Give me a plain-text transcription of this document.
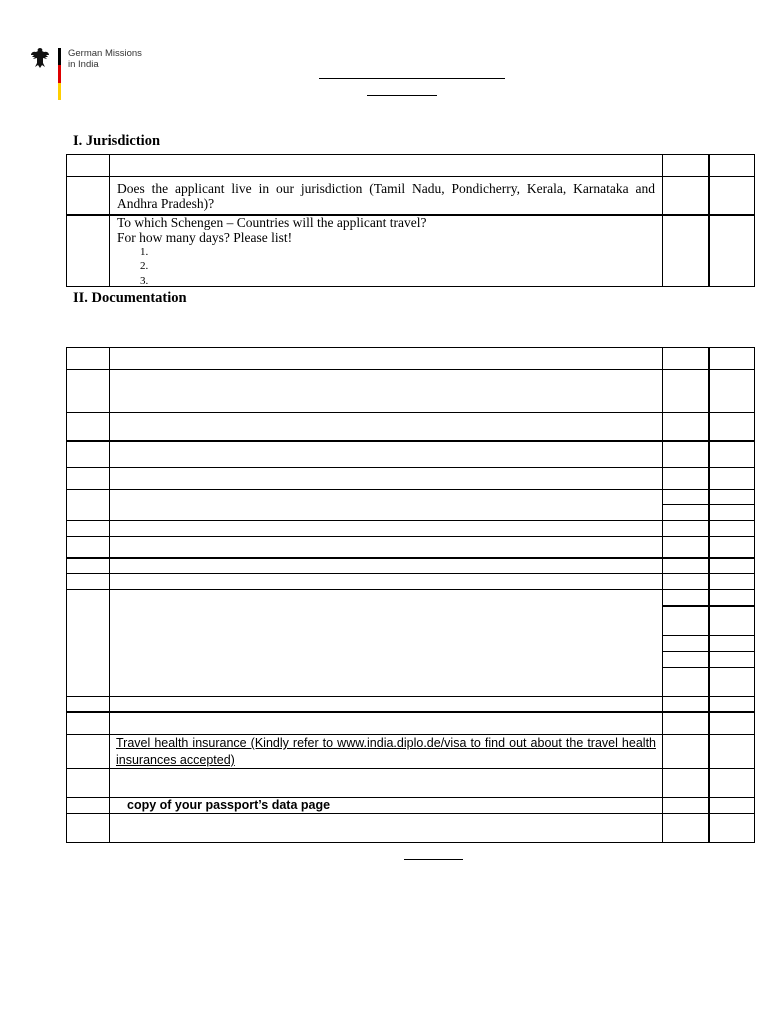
German Missions
in India
I. Jurisdiction
Does the applicant live in our jurisdiction (Tamil Nadu, Pondicherry, Kerala, Karnataka and Andhra Pradesh)?
To which Schengen – Countries will the applicant travel?
For how many days? Please list!
1.
2.
3.
II. Documentation
Travel health insurance (Kindly refer to www.india.diplo.de/visa to find out about the travel health insurances accepted)
copy of your passport’s data page
